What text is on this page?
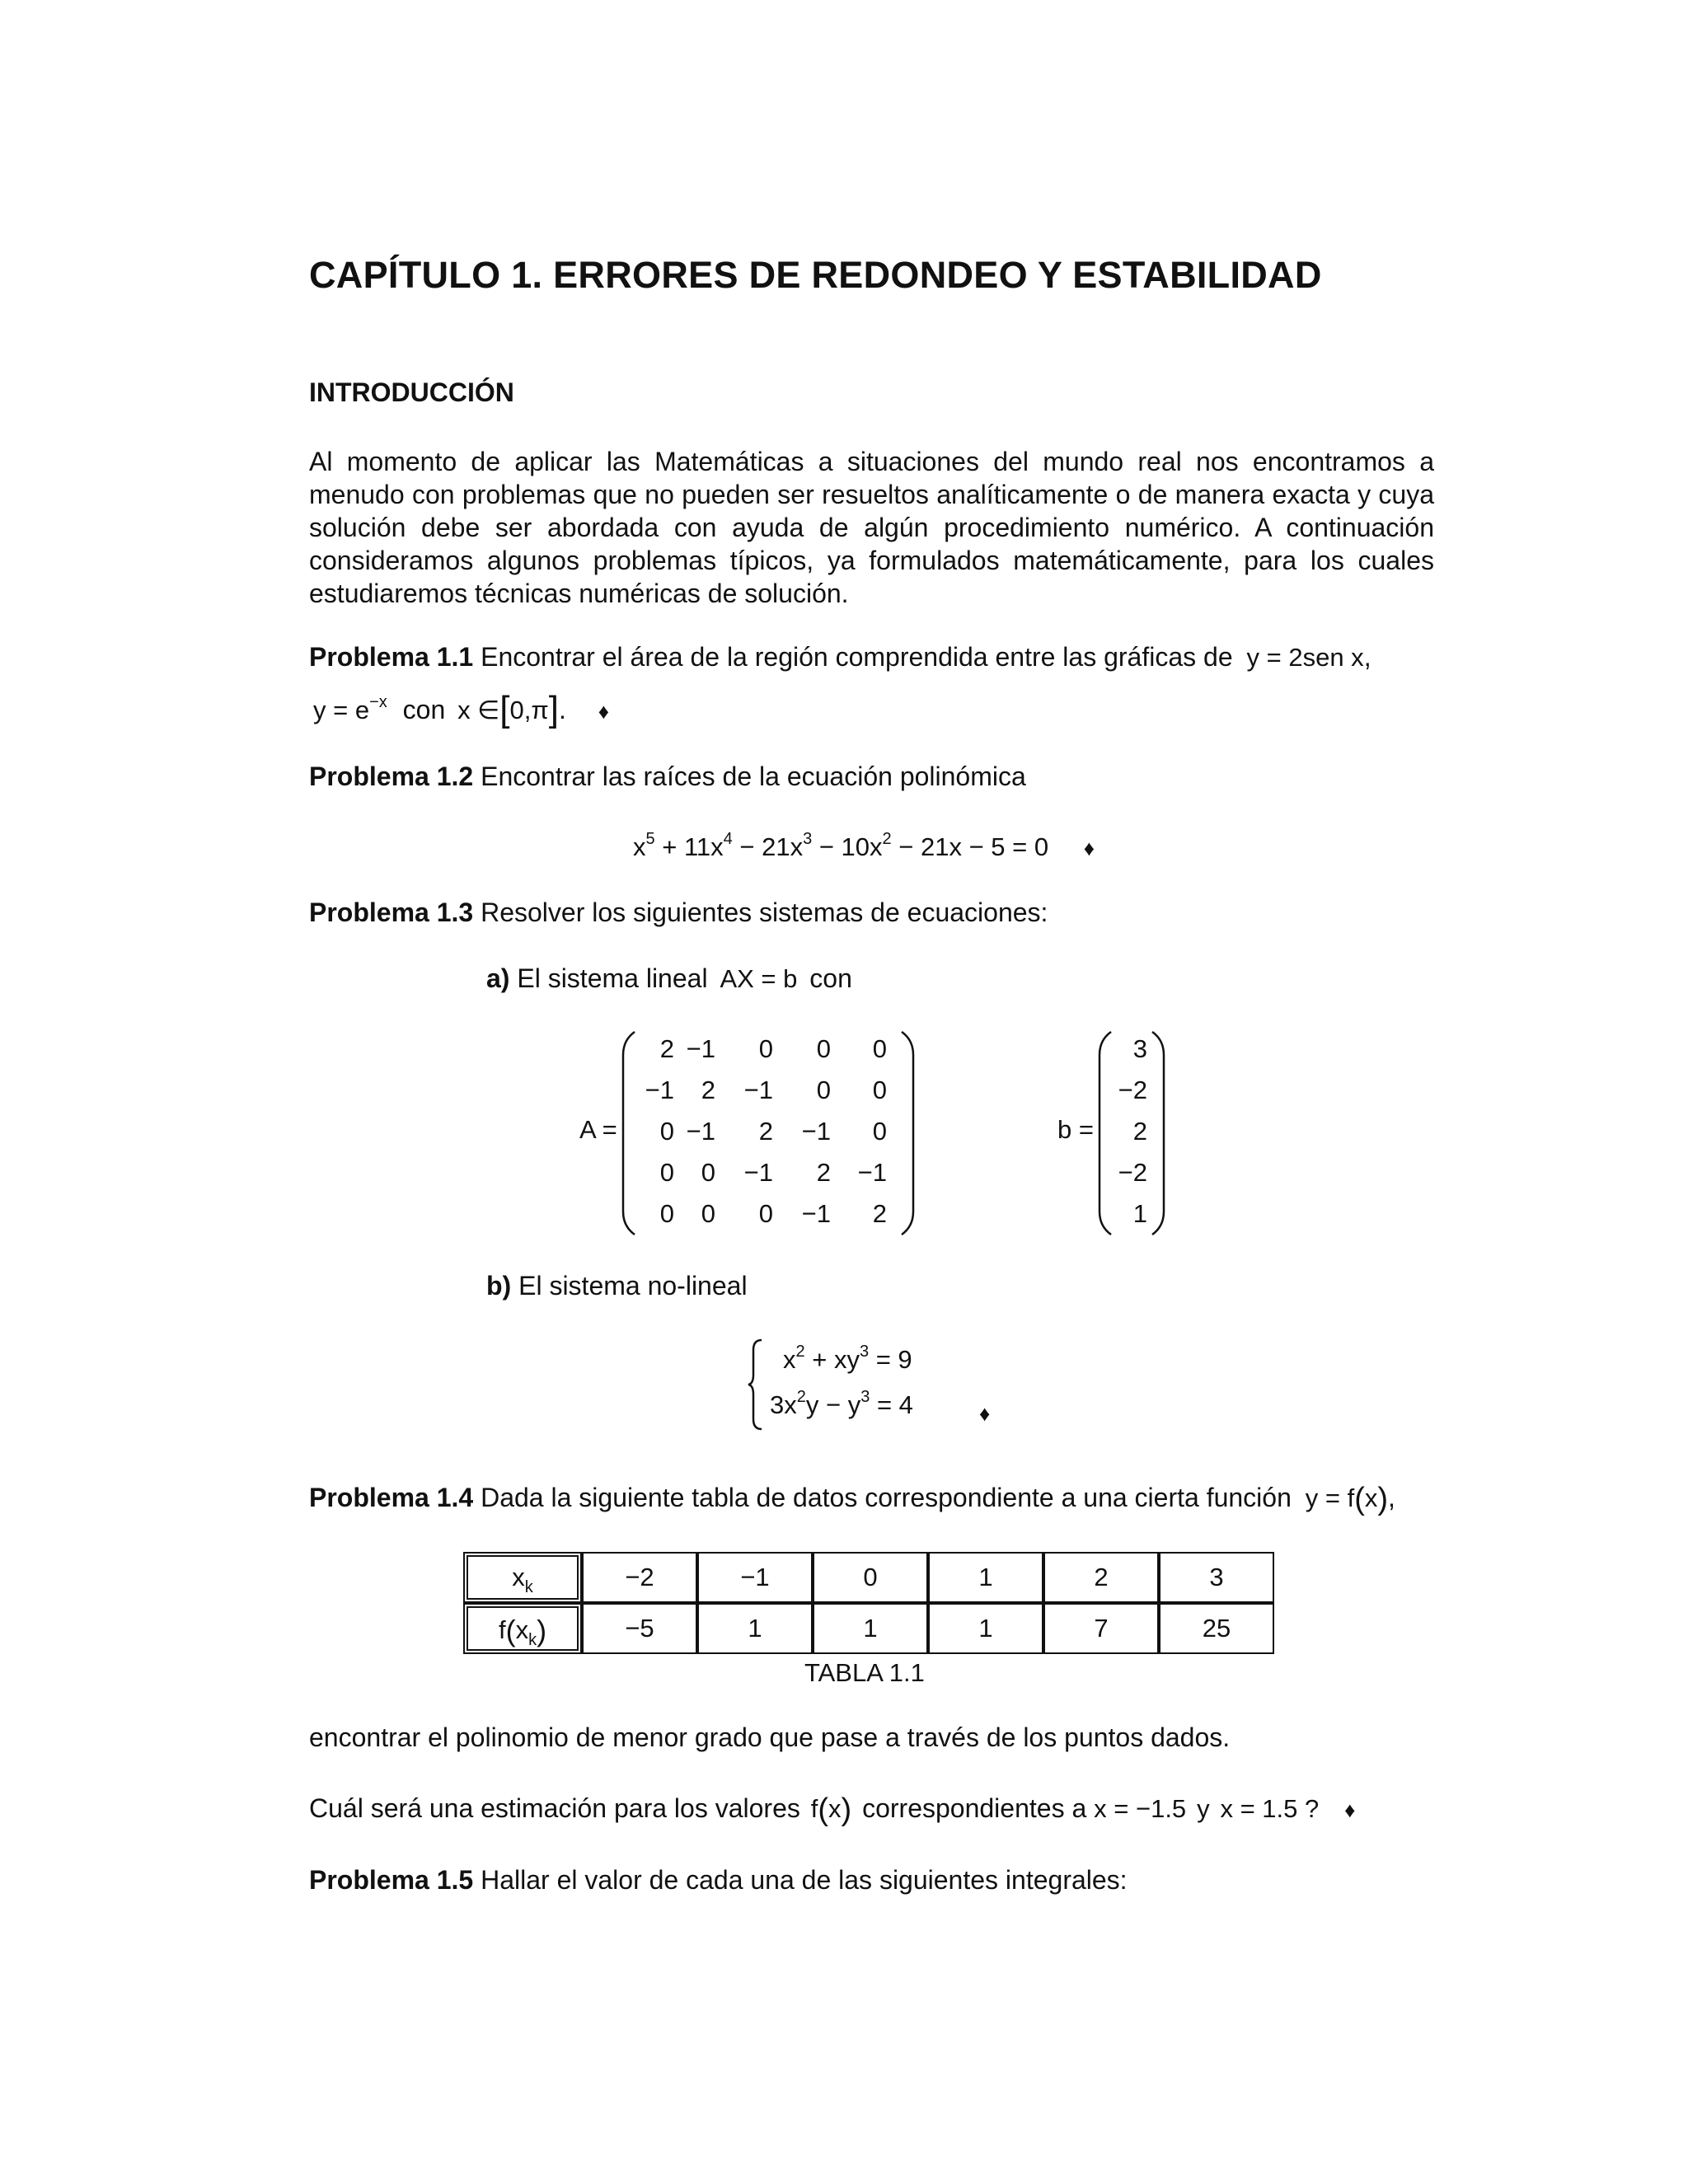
CAPÍTULO 1. ERRORES DE REDONDEO Y ESTABILIDAD
INTRODUCCIÓN
Al momento de aplicar las Matemáticas a situaciones del mundo real nos encontramos a menudo con problemas que no pueden ser resueltos analíticamente o de manera exacta y cuya solución debe ser abordada con ayuda de algún procedimiento numérico. A continuación consideramos algunos problemas típicos, ya formulados matemáticamente, para los cuales estudiaremos técnicas numéricas de solución.
Problema 1.1 Encontrar el área de la región comprendida entre las gráficas de y = 2sen x,
$y = e^{-x}$ con x ∈[0,π]. ♦
Problema 1.2 Encontrar las raíces de la ecuación polinómica
$x^5 + 11x^4 - 21x^3 - 10x^2 - 21x - 5 = 0$ ♦
Problema 1.3 Resolver los siguientes sistemas de ecuaciones:
a) El sistema lineal AX = b con
A =
2	−1	0	0	0
−1	2	−1	0	0
0	−1	2	−1	0
0	0	−1	2	−1
0	0	0	−1	2
b =
3
−2
2
−2
1
b) El sistema no-lineal
$x^2 + xy^3 = 9$
$3x^2y - y^3 = 4$	♦
Problema 1.4 Dada la siguiente tabla de datos correspondiente a una cierta función y = f(x),
$x_k$	−2	−1	0	1	2	3
$f(x_k)$	−5	1	1	1	7	25
TABLA 1.1
encontrar el polinomio de menor grado que pase a través de los puntos dados.
Cuál será una estimación para los valores f(x) correspondientes a x = −1.5 y x = 1.5 ? ♦
Problema 1.5 Hallar el valor de cada una de las siguientes integrales:
